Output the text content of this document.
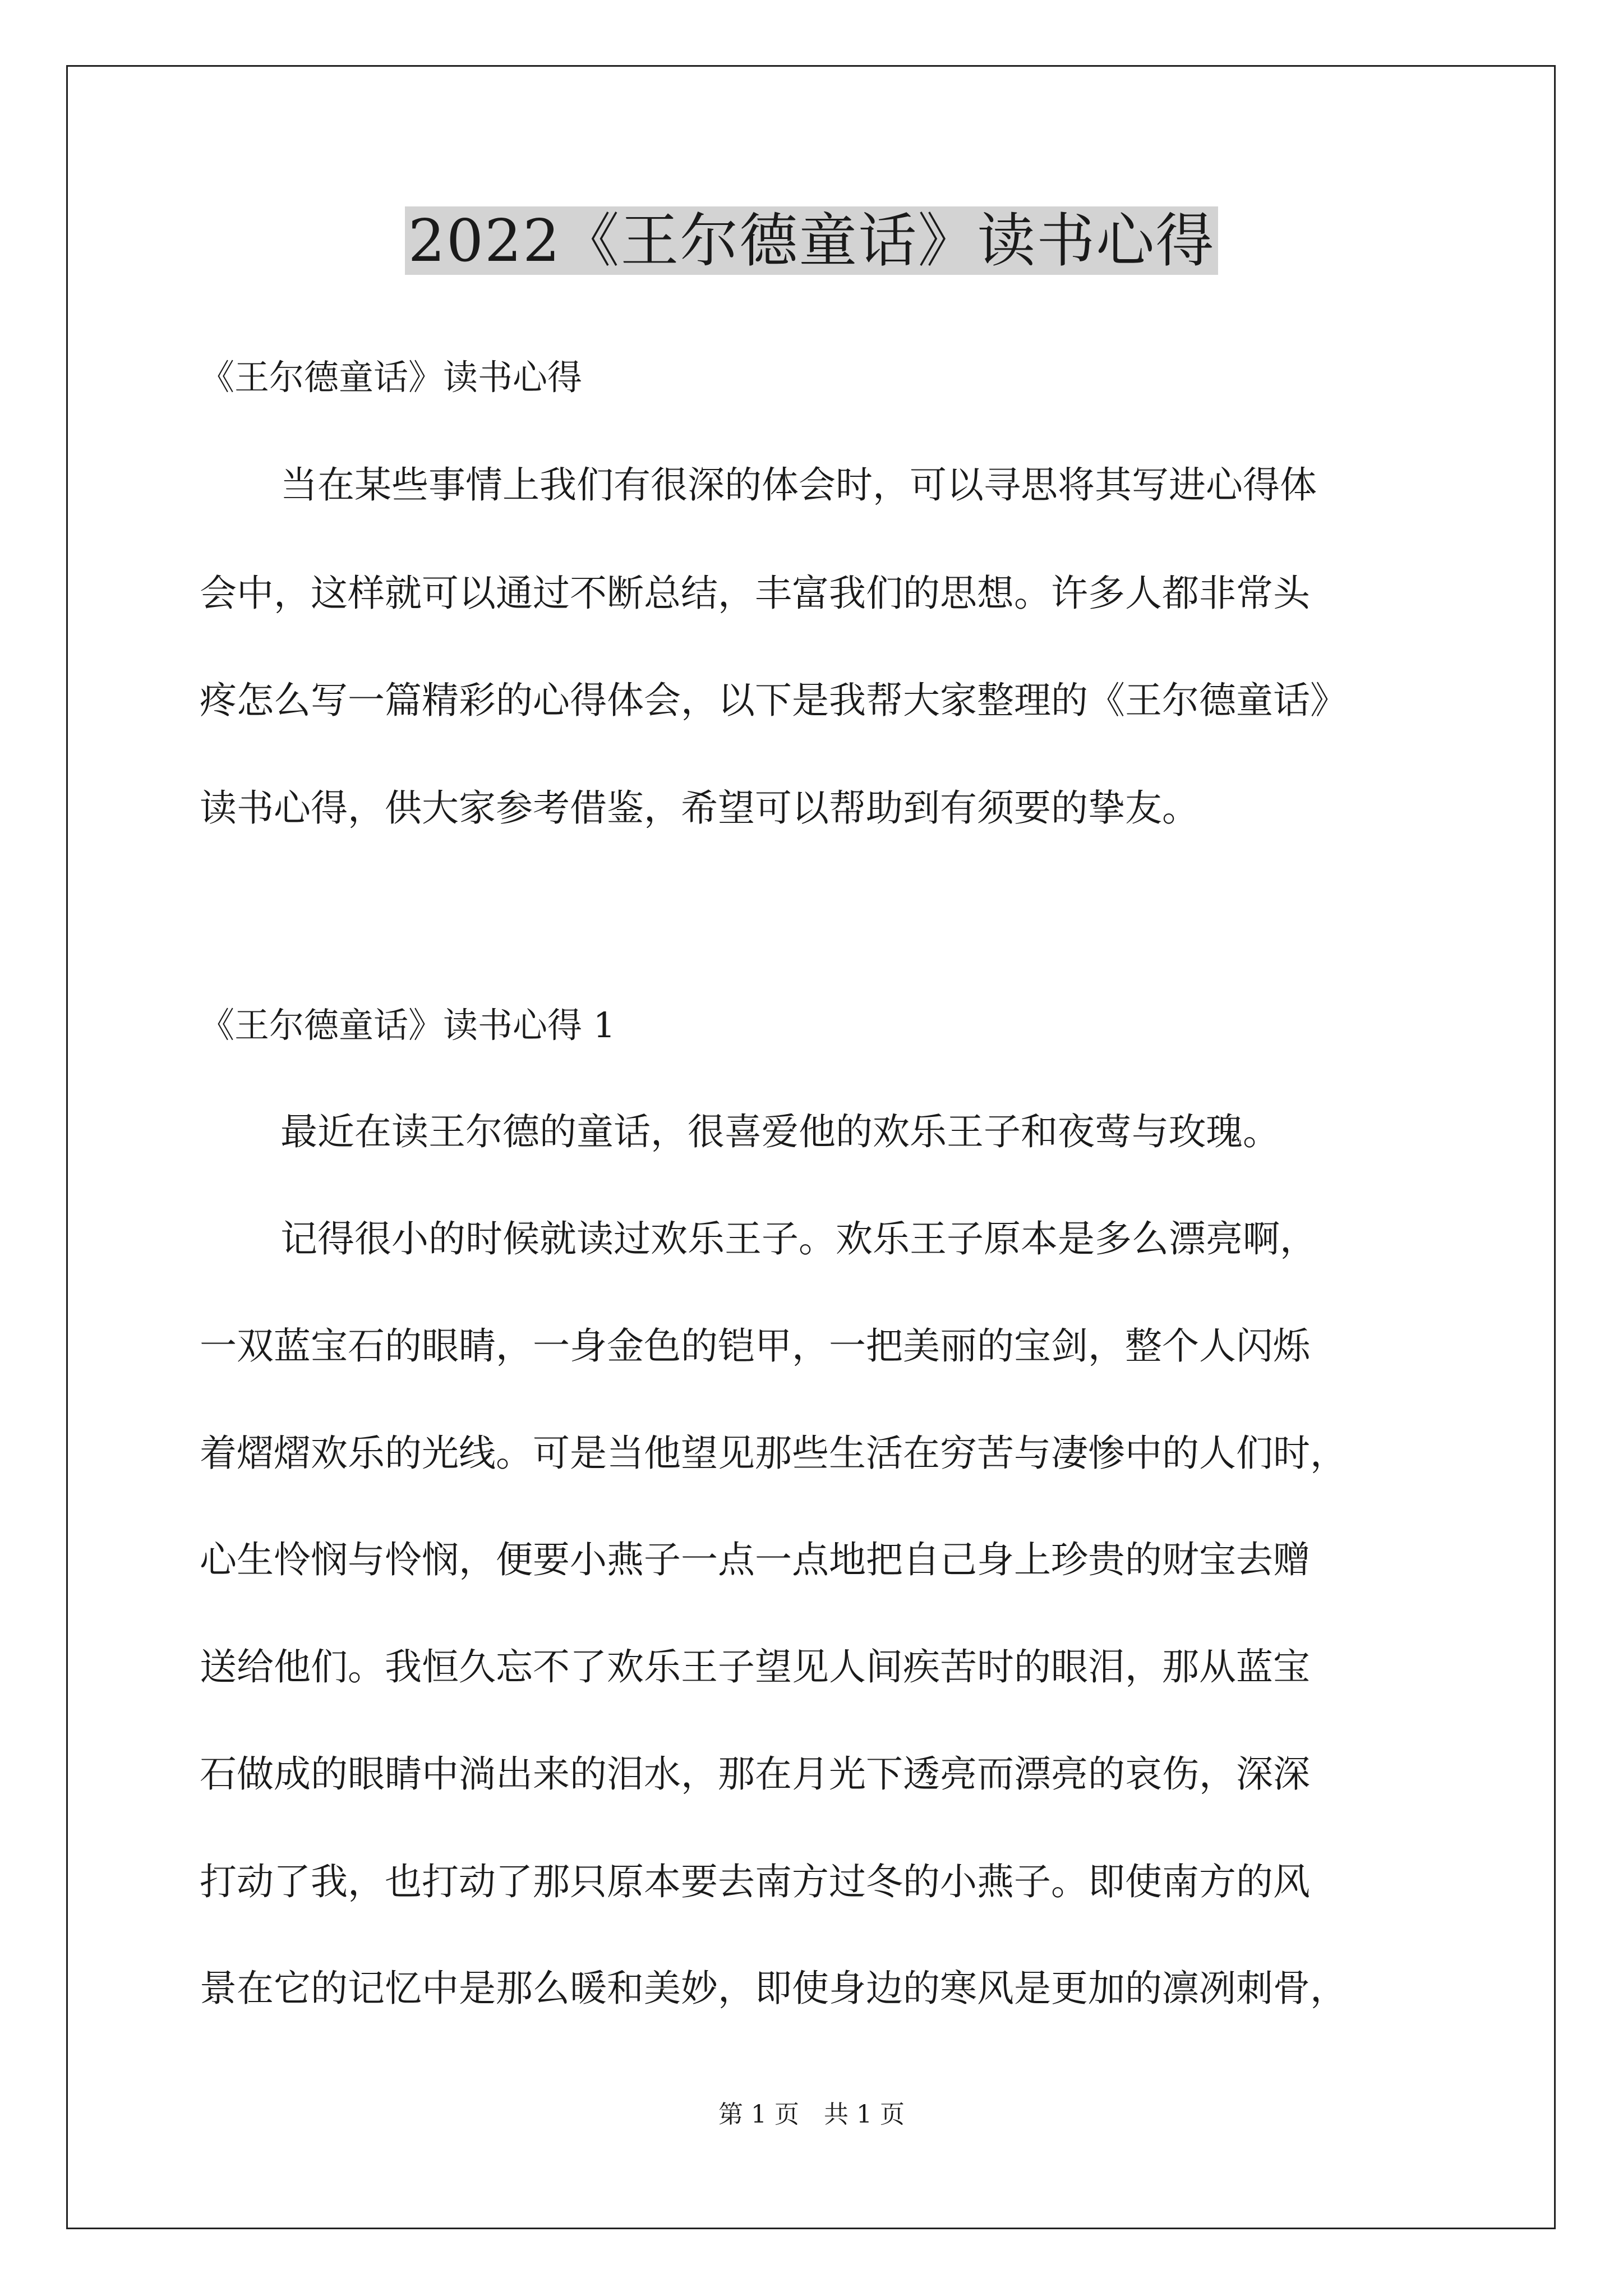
2022《王尔德童话》读书心得
《王尔德童话》读书心得
当在某些事情上我们有很深的体会时，可以寻思将其写进心得体
会中，这样就可以通过不断总结，丰富我们的思想。许多人都非常头
疼怎么写一篇精彩的心得体会，以下是我帮大家整理的《王尔德童话》
读书心得，供大家参考借鉴，希望可以帮助到有须要的挚友。
《王尔德童话》读书心得 1
最近在读王尔德的童话，很喜爱他的欢乐王子和夜莺与玫瑰。
记得很小的时候就读过欢乐王子。欢乐王子原本是多么漂亮啊，
一双蓝宝石的眼睛，一身金色的铠甲，一把美丽的宝剑，整个人闪烁
着熠熠欢乐的光线。可是当他望见那些生活在穷苦与凄惨中的人们时，
心生怜悯与怜悯，便要小燕子一点一点地把自己身上珍贵的财宝去赠
送给他们。我恒久忘不了欢乐王子望见人间疾苦时的眼泪，那从蓝宝
石做成的眼睛中淌出来的泪水，那在月光下透亮而漂亮的哀伤，深深
打动了我，也打动了那只原本要去南方过冬的小燕子。即使南方的风
景在它的记忆中是那么暖和美妙，即使身边的寒风是更加的凛冽刺骨，
第 1 页　共 1 页
